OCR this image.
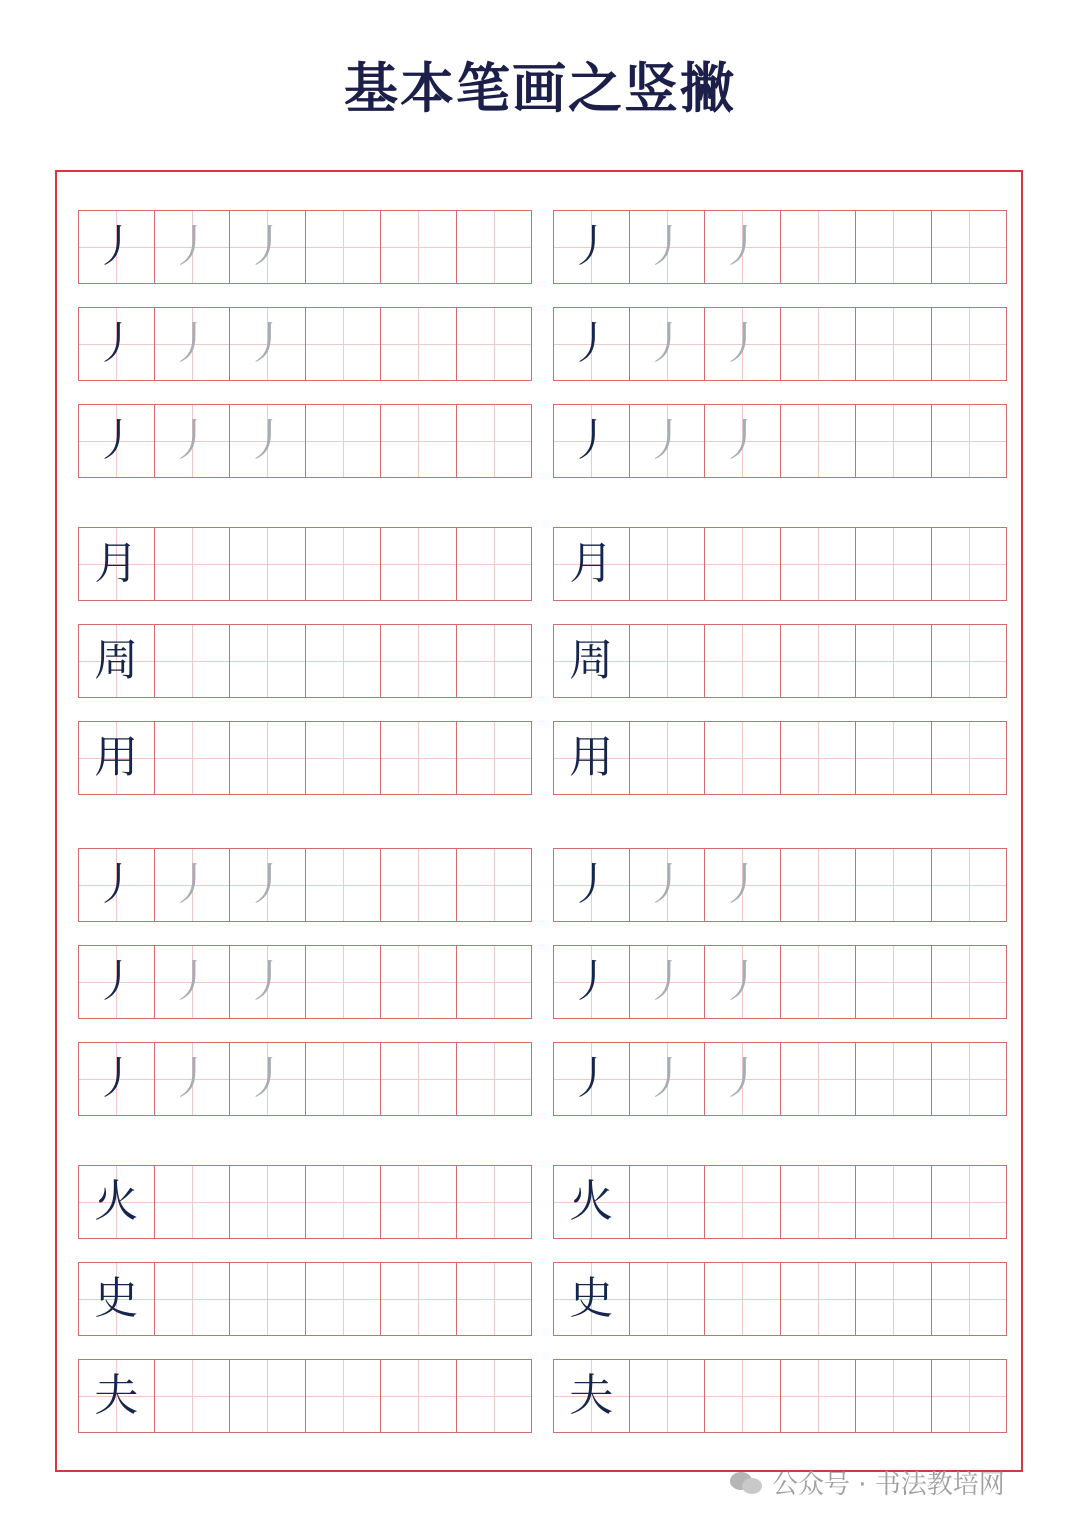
基本笔画之竖撇
丿 丿 丿	丿 丿 丿
丿 丿 丿	丿 丿 丿
丿 丿 丿	丿 丿 丿
月	月
周	周
用	用
丿 丿 丿	丿 丿 丿
丿 丿 丿	丿 丿 丿
丿 丿 丿	丿 丿 丿
火	火
史	史
夫	夫
公众号 · 书法教培网
